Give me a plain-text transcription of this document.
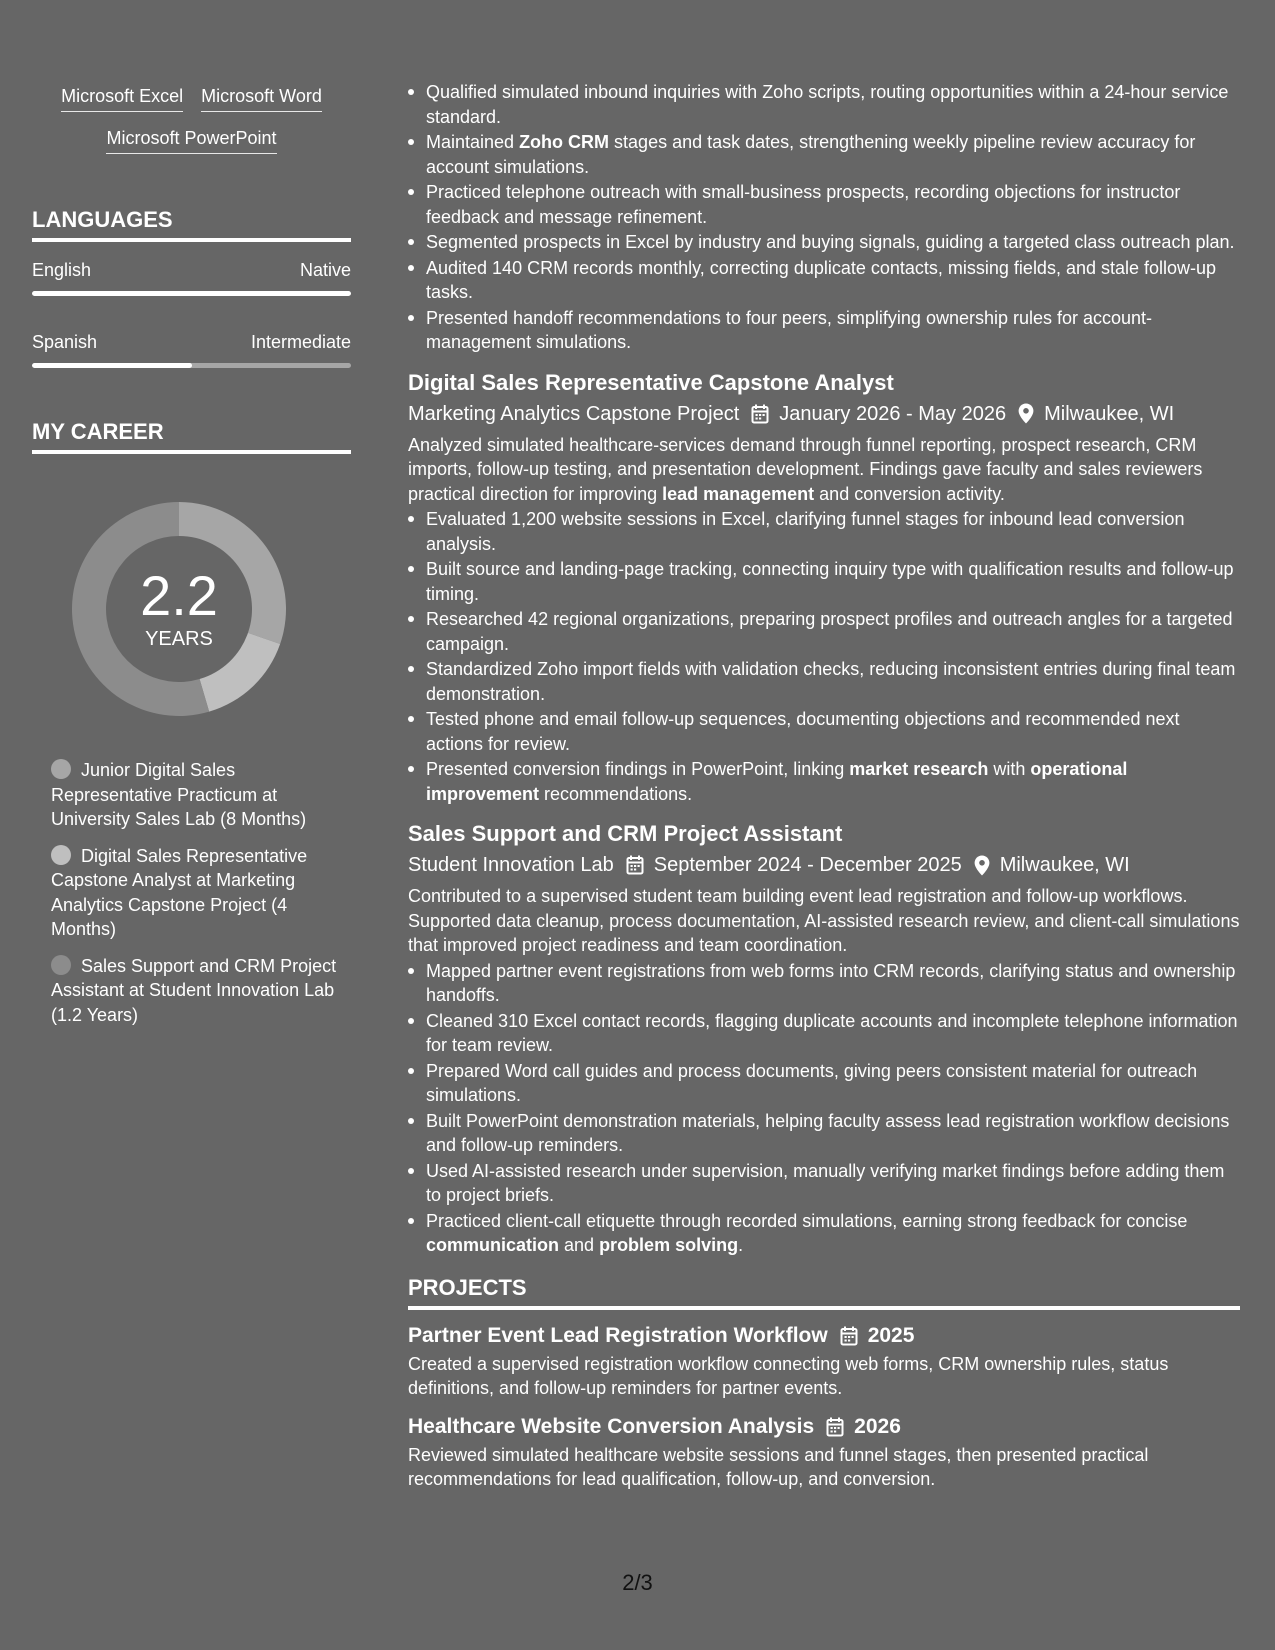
Microsoft Excel Microsoft Word
Microsoft PowerPoint
LANGUAGES
English	Native
Spanish	Intermediate
MY CAREER
2.2
YEARS
Junior Digital Sales Representative Practicum at University Sales Lab (8 Months)
Digital Sales Representative Capstone Analyst at Marketing Analytics Capstone Project (4 Months)
Sales Support and CRM Project Assistant at Student Innovation Lab (1.2 Years)
Qualified simulated inbound inquiries with Zoho scripts, routing opportunities within a 24-hour service standard.
Maintained Zoho CRM stages and task dates, strengthening weekly pipeline review accuracy for account simulations.
Practiced telephone outreach with small-business prospects, recording objections for instructor feedback and message refinement.
Segmented prospects in Excel by industry and buying signals, guiding a targeted class outreach plan.
Audited 140 CRM records monthly, correcting duplicate contacts, missing fields, and stale follow-up tasks.
Presented handoff recommendations to four peers, simplifying ownership rules for account-management simulations.
Digital Sales Representative Capstone Analyst
Marketing Analytics Capstone Project January 2026 - May 2026 Milwaukee, WI
Analyzed simulated healthcare-services demand through funnel reporting, prospect research, CRM imports, follow-up testing, and presentation development. Findings gave faculty and sales reviewers practical direction for improving lead management and conversion activity.
Evaluated 1,200 website sessions in Excel, clarifying funnel stages for inbound lead conversion analysis.
Built source and landing-page tracking, connecting inquiry type with qualification results and follow-up timing.
Researched 42 regional organizations, preparing prospect profiles and outreach angles for a targeted campaign.
Standardized Zoho import fields with validation checks, reducing inconsistent entries during final team demonstration.
Tested phone and email follow-up sequences, documenting objections and recommended next actions for review.
Presented conversion findings in PowerPoint, linking market research with operational improvement recommendations.
Sales Support and CRM Project Assistant
Student Innovation Lab September 2024 - December 2025 Milwaukee, WI
Contributed to a supervised student team building event lead registration and follow-up workflows. Supported data cleanup, process documentation, AI-assisted research review, and client-call simulations that improved project readiness and team coordination.
Mapped partner event registrations from web forms into CRM records, clarifying status and ownership handoffs.
Cleaned 310 Excel contact records, flagging duplicate accounts and incomplete telephone information for team review.
Prepared Word call guides and process documents, giving peers consistent material for outreach simulations.
Built PowerPoint demonstration materials, helping faculty assess lead registration workflow decisions and follow-up reminders.
Used AI-assisted research under supervision, manually verifying market findings before adding them to project briefs.
Practiced client-call etiquette through recorded simulations, earning strong feedback for concise communication and problem solving.
PROJECTS
Partner Event Lead Registration Workflow 2025
Created a supervised registration workflow connecting web forms, CRM ownership rules, status definitions, and follow-up reminders for partner events.
Healthcare Website Conversion Analysis 2026
Reviewed simulated healthcare website sessions and funnel stages, then presented practical recommendations for lead qualification, follow-up, and conversion.
2/3
